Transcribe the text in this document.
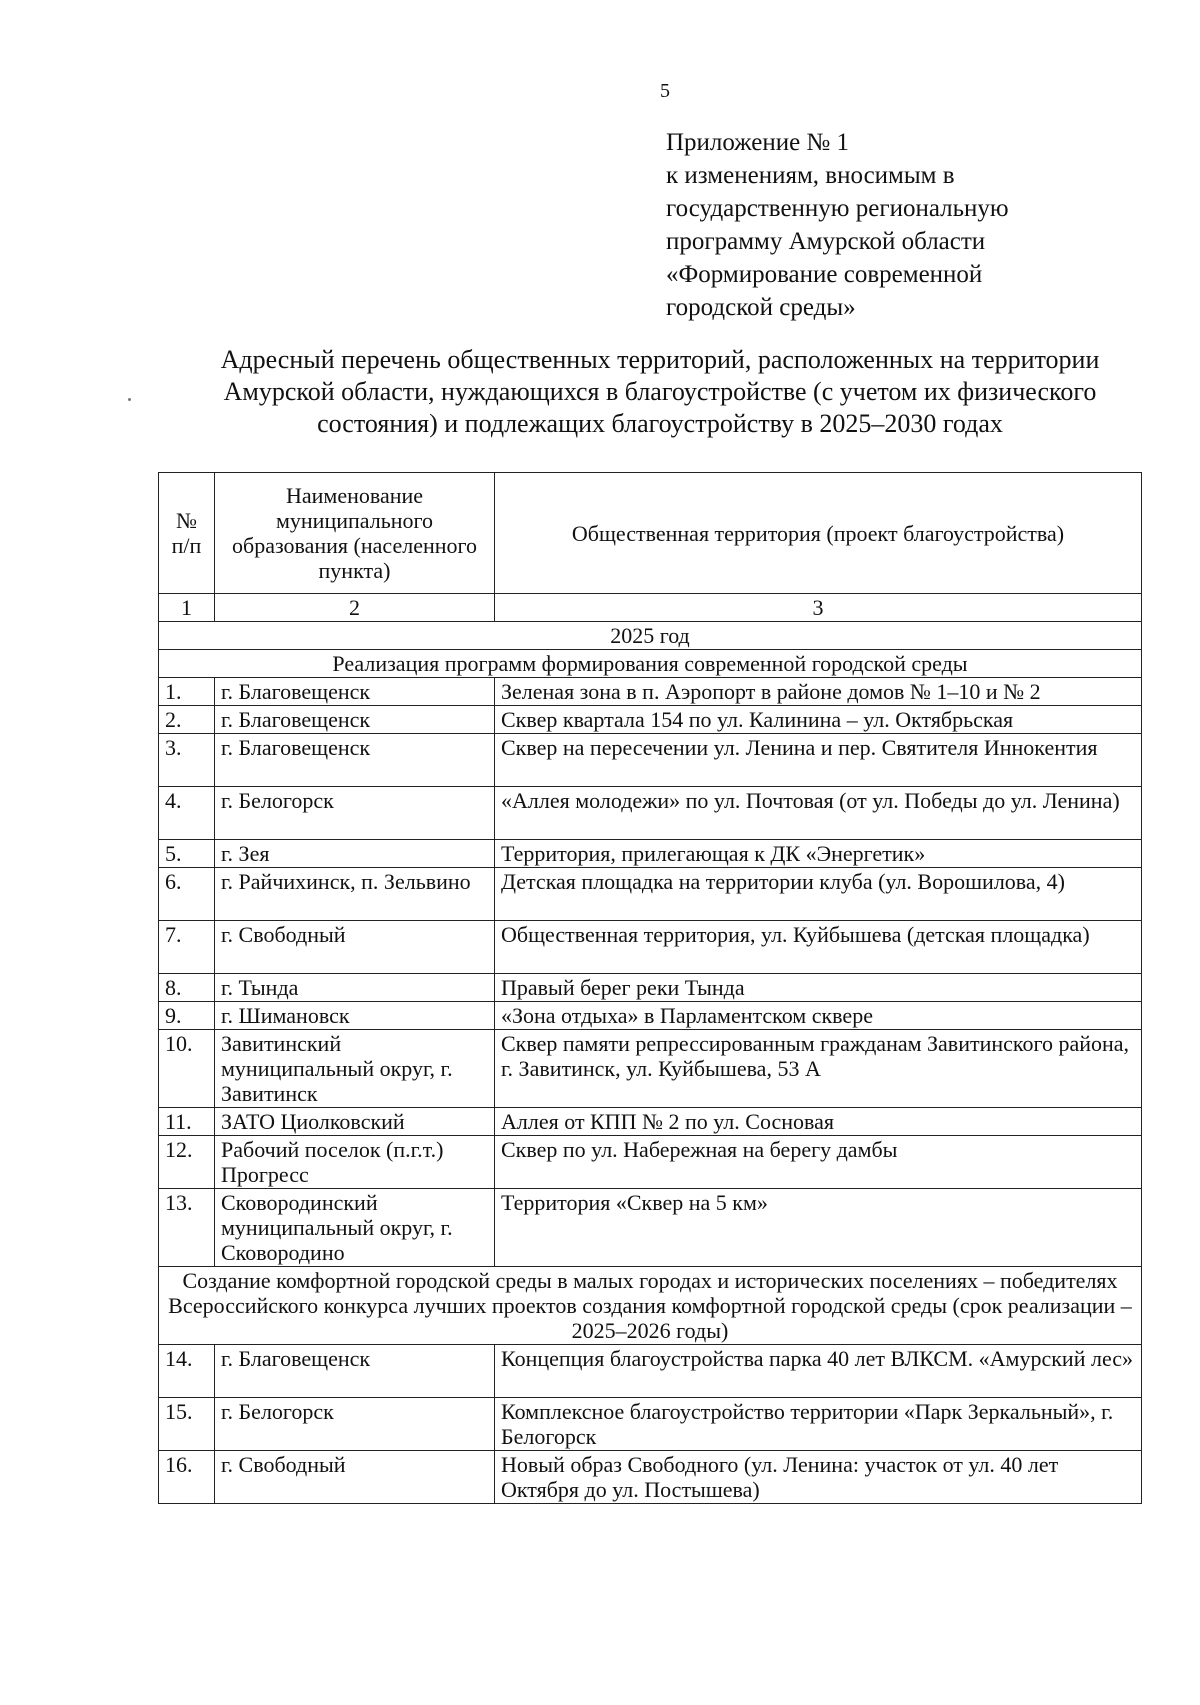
5
Приложение № 1
к изменениям, вносимым в
государственную региональную
программу Амурской области
«Формирование современной
городской среды»
Адресный перечень общественных территорий, расположенных на территории
Амурской области, нуждающихся в благоустройстве (с учетом их физического
состояния) и подлежащих благоустройству в 2025–2030 годах
№ п/п	Наименование муниципального образования (населенного пункта)	Общественная территория (проект благоустройства)
1	2	3
2025 год		
Реализация программ формирования современной городской среды		
1.	г. Благовещенск	Зеленая зона в п. Аэропорт в районе домов № 1–10 и № 2
2.	г. Благовещенск	Сквер квартала 154 по ул. Калинина – ул. Октябрьская
3.	г. Благовещенск	Сквер на пересечении ул. Ленина и пер. Святителя Иннокентия
4.	г. Белогорск	«Аллея молодежи» по ул. Почтовая (от ул. Победы до ул. Ленина)
5.	г. Зея	Территория, прилегающая к ДК «Энергетик»
6.	г. Райчихинск, п. Зельвино	Детская площадка на территории клуба (ул. Ворошилова, 4)
7.	г. Свободный	Общественная территория, ул. Куйбышева (детская площадка)
8.	г. Тында	Правый берег реки Тында
9.	г. Шимановск	«Зона отдыха» в Парламентском сквере
10.	Завитинский муниципальный округ, г. Завитинск	Сквер памяти репрессированным гражданам Завитинского района, г. Завитинск, ул. Куйбышева, 53 А
11.	ЗАТО Циолковский	Аллея от КПП № 2 по ул. Сосновая
12.	Рабочий поселок (п.г.т.) Прогресс	Сквер по ул. Набережная на берегу дамбы
13.	Сковородинский муниципальный округ, г. Сковородино	Территория «Сквер на 5 км»
Создание комфортной городской среды в малых городах и исторических поселениях – победителях Всероссийского конкурса лучших проектов создания комфортной городской среды (срок реализации – 2025–2026 годы)		
14.	г. Благовещенск	Концепция благоустройства парка 40 лет ВЛКСМ. «Амурский лес»
15.	г. Белогорск	Комплексное благоустройство территории «Парк Зеркальный», г. Белогорск
16.	г. Свободный	Новый образ Свободного (ул. Ленина: участок от ул. 40 лет Октября до ул. Постышева)
